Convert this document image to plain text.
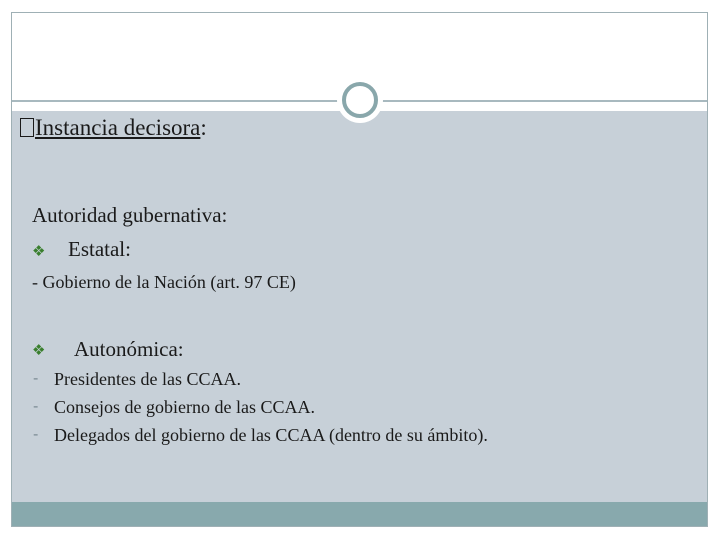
Instancia decisora:
Autoridad gubernativa:
❖ Estatal:
- Gobierno de la Nación (art. 97 CE)
❖ Autonómica:
- Presidentes de las CCAA.
- Consejos de gobierno de las CCAA.
- Delegados del gobierno de las CCAA (dentro de su ámbito).
